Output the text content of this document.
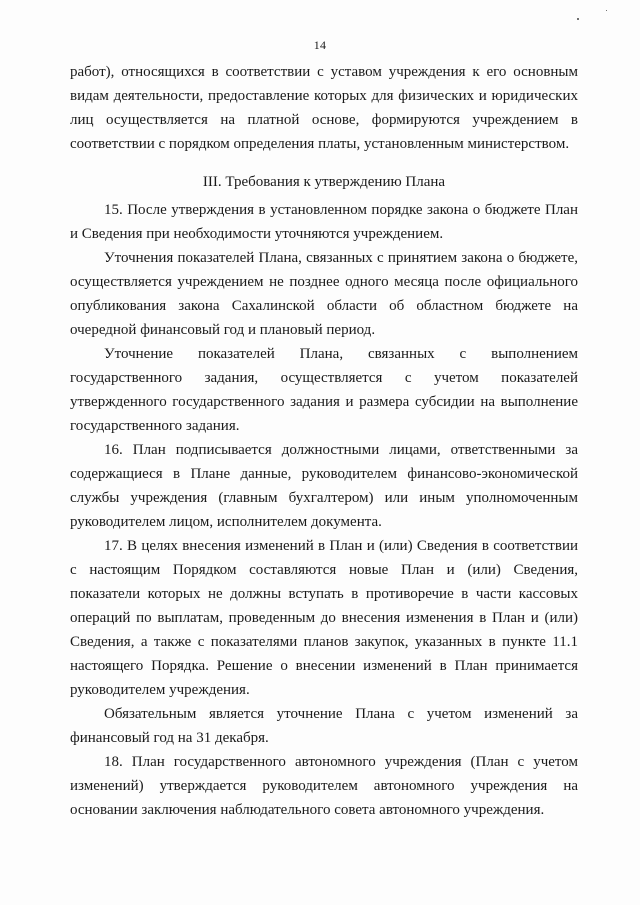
14

работ), относящихся в соответствии с уставом учреждения к его основным видам деятельности, предоставление которых для физических и юридических лиц осуществляется на платной основе, формируются учреждением в соответствии с порядком определения платы, установленным министерством.

III. Требования к утверждению Плана

15. После утверждения в установленном порядке закона о бюджете План и Сведения при необходимости уточняются учреждением.

Уточнения показателей Плана, связанных с принятием закона о бюджете, осуществляется учреждением не позднее одного месяца после официального опубликования закона Сахалинской области об областном бюджете на очередной финансовый год и плановый период.

Уточнение показателей Плана, связанных с выполнением государственного задания, осуществляется с учетом показателей утвержденного государственного задания и размера субсидии на выполнение государственного задания.

16. План подписывается должностными лицами, ответственными за содержащиеся в Плане данные, руководителем финансово-экономической службы учреждения (главным бухгалтером) или иным уполномоченным руководителем лицом, исполнителем документа.

17. В целях внесения изменений в План и (или) Сведения в соответствии с настоящим Порядком составляются новые План и (или) Сведения, показатели которых не должны вступать в противоречие в части кассовых операций по выплатам, проведенным до внесения изменения в План и (или) Сведения, а также с показателями планов закупок, указанных в пункте 11.1 настоящего Порядка. Решение о внесении изменений в План принимается руководителем учреждения.

Обязательным является уточнение Плана с учетом изменений за финансовый год на 31 декабря.

18. План государственного автономного учреждения (План с учетом изменений) утверждается руководителем автономного учреждения на основании заключения наблюдательного совета автономного учреждения.
